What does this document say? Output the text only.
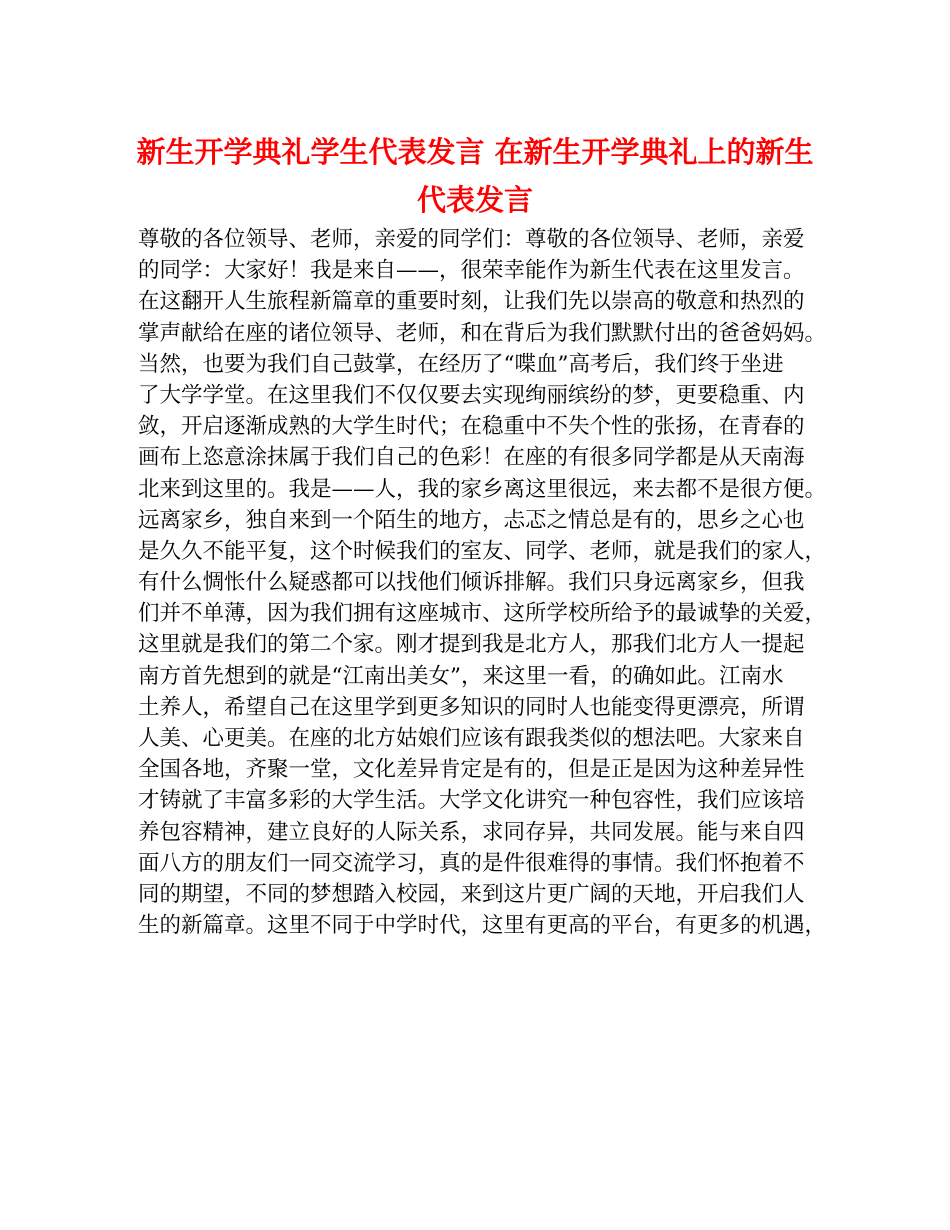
新生开学典礼学生代表发言 在新生开学典礼上的新生
代表发言
尊敬的各位领导、老师，亲爱的同学们：尊敬的各位领导、老师，亲爱
的同学：大家好！我是来自——，很荣幸能作为新生代表在这里发言。
在这翻开人生旅程新篇章的重要时刻，让我们先以崇高的敬意和热烈的
掌声献给在座的诸位领导、老师，和在背后为我们默默付出的爸爸妈妈。
当然，也要为我们自己鼓掌，在经历了“喋血”高考后，我们终于坐进
了大学学堂。在这里我们不仅仅要去实现绚丽缤纷的梦，更要稳重、内
敛，开启逐渐成熟的大学生时代；在稳重中不失个性的张扬，在青春的
画布上恣意涂抹属于我们自己的色彩！在座的有很多同学都是从天南海
北来到这里的。我是——人，我的家乡离这里很远，来去都不是很方便。
远离家乡，独自来到一个陌生的地方，忐忑之情总是有的，思乡之心也
是久久不能平复，这个时候我们的室友、同学、老师，就是我们的家人，
有什么惆怅什么疑惑都可以找他们倾诉排解。我们只身远离家乡，但我
们并不单薄，因为我们拥有这座城市、这所学校所给予的最诚挚的关爱，
这里就是我们的第二个家。刚才提到我是北方人，那我们北方人一提起
南方首先想到的就是“江南出美女”，来这里一看，的确如此。江南水
土养人，希望自己在这里学到更多知识的同时人也能变得更漂亮，所谓
人美、心更美。在座的北方姑娘们应该有跟我类似的想法吧。大家来自
全国各地，齐聚一堂，文化差异肯定是有的，但是正是因为这种差异性
才铸就了丰富多彩的大学生活。大学文化讲究一种包容性，我们应该培
养包容精神，建立良好的人际关系，求同存异，共同发展。能与来自四
面八方的朋友们一同交流学习，真的是件很难得的事情。我们怀抱着不
同的期望，不同的梦想踏入校园，来到这片更广阔的天地，开启我们人
生的新篇章。这里不同于中学时代，这里有更高的平台，有更多的机遇，
